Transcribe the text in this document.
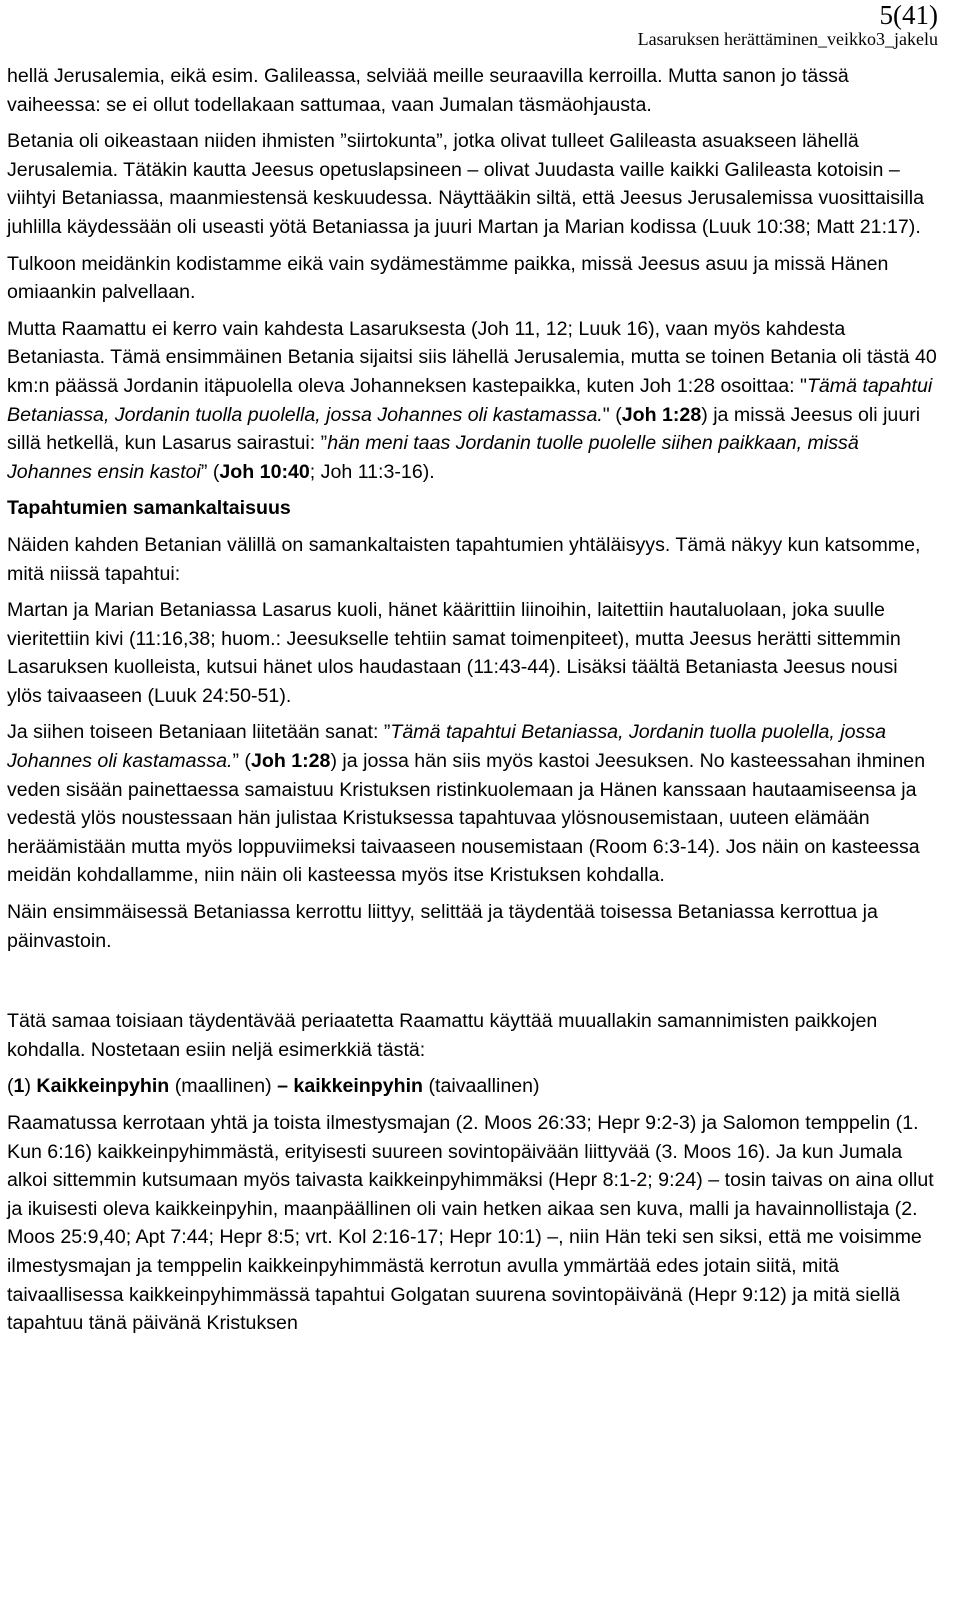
5(41)
Lasaruksen herättäminen_veikko3_jakelu

hellä Jerusalemia, eikä esim. Galileassa, selviää meille seuraavilla kerroilla. Mutta sanon jo tässä vaiheessa: se ei ollut todellakaan sattumaa, vaan Jumalan täsmäohjausta.

Betania oli oikeastaan niiden ihmisten ”siirtokunta”, jotka olivat tulleet Galileasta asuakseen lähellä Jerusalemia. Tätäkin kautta Jeesus opetuslapsineen – olivat Juudasta vaille kaikki Galileasta kotoisin – viihtyi Betaniassa, maanmiestensä keskuudessa. Näyttääkin siltä, että Jeesus Jerusalemissa vuosittaisilla juhlilla käydessään oli useasti yötä Betaniassa ja juuri Martan ja Marian kodissa (Luuk 10:38; Matt 21:17).

Tulkoon meidänkin kodistamme eikä vain sydämestämme paikka, missä Jeesus asuu ja missä Hänen omiaankin palvellaan.

Mutta Raamattu ei kerro vain kahdesta Lasaruksesta (Joh 11, 12; Luuk 16), vaan myös kahdesta Betaniasta. Tämä ensimmäinen Betania sijaitsi siis lähellä Jerusalemia, mutta se toinen Betania oli tästä 40 km:n päässä Jordanin itäpuolella oleva Johanneksen kastepaikka, kuten Joh 1:28 osoittaa: "Tämä tapahtui Betaniassa, Jordanin tuolla puolella, jossa Johannes oli kastamassa." (Joh 1:28) ja missä Jeesus oli juuri sillä hetkellä, kun Lasarus sairastui: ”hän meni taas Jordanin tuolle puolelle siihen paikkaan, missä Johannes ensin kastoi” (Joh 10:40; Joh 11:3-16).

Tapahtumien samankaltaisuus

Näiden kahden Betanian välillä on samankaltaisten tapahtumien yhtäläisyys. Tämä näkyy kun katsomme, mitä niissä tapahtui:

Martan ja Marian Betaniassa Lasarus kuoli, hänet käärittiin liinoihin, laitettiin hautaluolaan, joka suulle vieritettiin kivi (11:16,38; huom.: Jeesukselle tehtiin samat toimenpiteet), mutta Jeesus herätti sittemmin Lasaruksen kuolleista, kutsui hänet ulos haudastaan (11:43-44). Lisäksi täältä Betaniasta Jeesus nousi ylös taivaaseen (Luuk 24:50-51).

Ja siihen toiseen Betaniaan liitetään sanat: ”Tämä tapahtui Betaniassa, Jordanin tuolla puolella, jossa Johannes oli kastamassa.” (Joh 1:28) ja jossa hän siis myös kastoi Jeesuksen. No kasteessahan ihminen veden sisään painettaessa samaistuu Kristuksen ristinkuolemaan ja Hänen kanssaan hautaamiseensa ja vedestä ylös noustessaan hän julistaa Kristuksessa tapahtuvaa ylösnousemistaan, uuteen elämään heräämistään mutta myös loppuviimeksi taivaaseen nousemistaan (Room 6:3-14). Jos näin on kasteessa meidän kohdallamme, niin näin oli kasteessa myös itse Kristuksen kohdalla.

Näin ensimmäisessä Betaniassa kerrottu liittyy, selittää ja täydentää toisessa Betaniassa kerrottua ja päinvastoin.

Tätä samaa toisiaan täydentävää periaatetta Raamattu käyttää muuallakin samannimisten paikkojen kohdalla. Nostetaan esiin neljä esimerkkiä tästä:

(1) Kaikkeinpyhin (maallinen) – kaikkeinpyhin (taivaallinen)

Raamatussa kerrotaan yhtä ja toista ilmestysmajan (2. Moos 26:33; Hepr 9:2-3) ja Salomon temppelin (1. Kun 6:16) kaikkeinpyhimmästä, erityisesti suureen sovintopäivään liittyvää (3. Moos 16). Ja kun Jumala alkoi sittemmin kutsumaan myös taivasta kaikkeinpyhimmäksi (Hepr 8:1-2; 9:24) – tosin taivas on aina ollut ja ikuisesti oleva kaikkeinpyhin, maanpäällinen oli vain hetken aikaa sen kuva, malli ja havainnollistaja (2. Moos 25:9,40; Apt 7:44; Hepr 8:5; vrt. Kol 2:16-17; Hepr 10:1) –, niin Hän teki sen siksi, että me voisimme ilmestysmajan ja temppelin kaikkeinpyhimmästä kerrotun avulla ymmärtää edes jotain siitä, mitä taivaallisessa kaikkeinpyhimmässä tapahtui Golgatan suurena sovintopäivänä (Hepr 9:12) ja mitä siellä tapahtuu tänä päivänä Kristuksen
